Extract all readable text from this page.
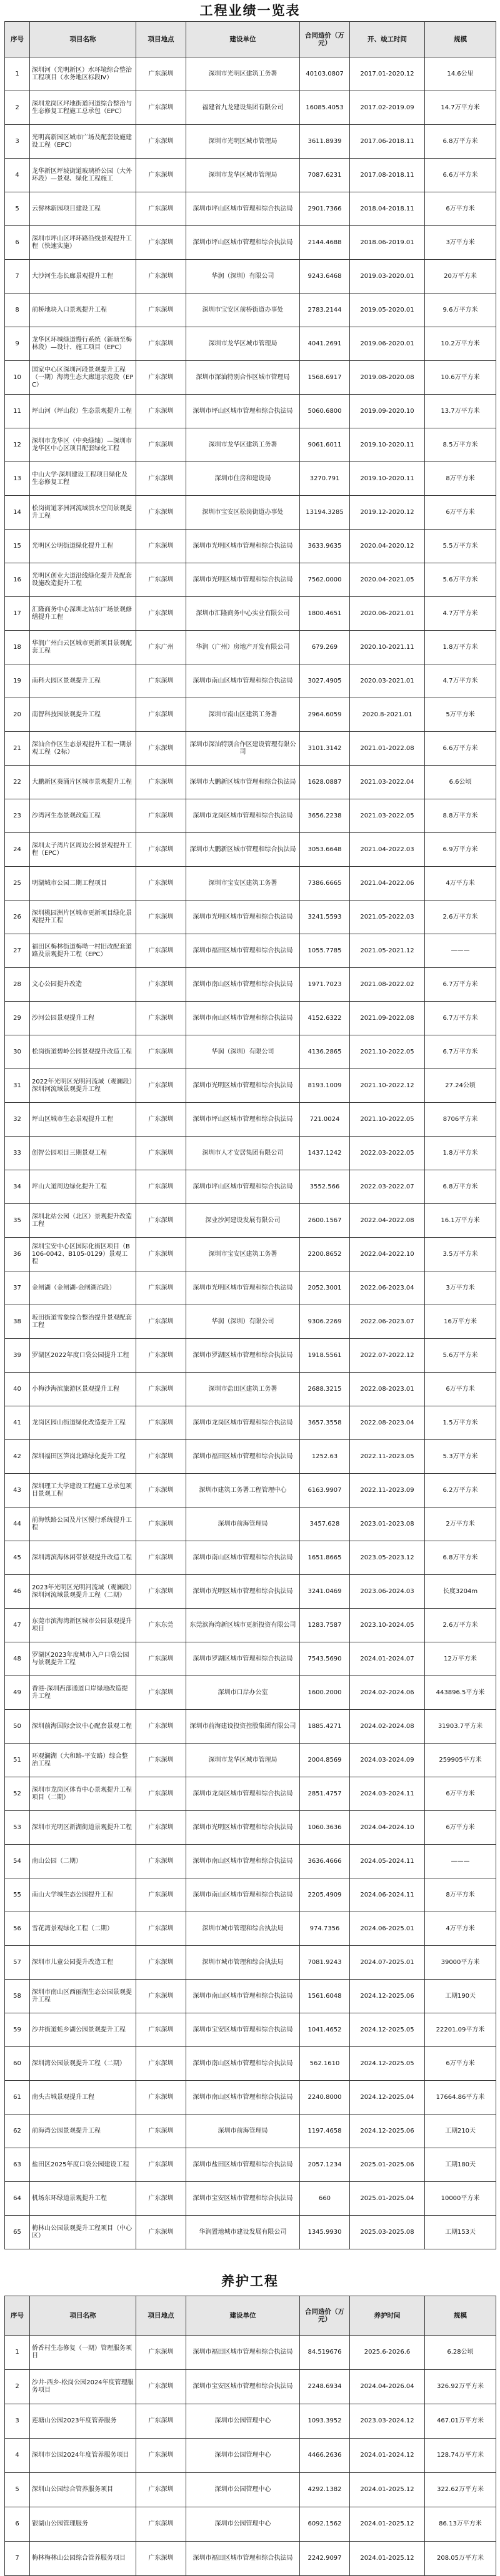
工程业绩一览表
序号	项目名称	项目地点	建设单位	合同造价（万元）	开、竣工时间	规模
1	深圳河（光明新区）水环境综合整治工程项目（水务地区标段Ⅳ）	广东深圳	深圳市光明区建筑工务署	40103.0807	2017.01-2020.12	14.6公里
2	深圳龙岗区坪地街道河道综合整治与生态修复工程施工总承包（EPC）	广东深圳	福建省九龙建设集团有限公司	16085.4053	2017.02-2019.09	14.7万平方米
3	光明高新园区城市广场及配套设施建设工程（EPC）	广东深圳	深圳市光明区城市管理局	3611.8939	2017.06-2018.11	6.8万平方米
4	龙华新区坪坡街道玻璃桥公园（大外环段）—景观、绿化工程施工	广东深圳	深圳市龙华区城市管理局	7087.6231	2017.08-2018.11	6.6万平方米
5	云髻林新园项目建设工程	广东深圳	深圳市坪山区城市管理和综合执法局	2901.7366	2018.04-2018.11	6万平方米
6	深圳市坪山区坪环路沿线景观提升工程（快速实施）	广东深圳	深圳市坪山区城市管理和综合执法局	2144.4688	2018.06-2019.01	3万平方米
7	大沙河生态长廊景观提升工程	广东深圳	华润（深圳）有限公司	9243.6468	2019.03-2020.01	20万平方米
8	前桥地块入口景观提升工程	广东深圳	深圳市宝安区前桥街道办事处	2783.2144	2019.05-2020.01	9.6万平方米
9	龙华区环城绿道慢行系统（新塘至梅林段）—设计、施工项目（EPC）	广东深圳	深圳市龙华区城市管理局	4041.2691	2019.06-2020.01	10.2万平方米
10	国家中心区深圳河段景观提升工程（一期）海湾生态大廊道示范段（EPC）	广东深圳	深圳市深汕特别合作区城市管理局	1568.6917	2019.08-2020.08	10.6万平方米
11	坪山河（坪山段）生态景观提升工程	广东深圳	深圳市坪山区城市管理和综合执法局	5060.6800	2019.09-2020.10	13.7万平方米
12	深圳市龙华区（中央绿轴）—深圳市龙华区中心区项目配套绿化工程	广东深圳	深圳市龙华区建筑工务署	9061.6011	2019.10-2020.11	8.5万平方米
13	中山大学·深圳建设工程项目绿化及生态修复工程	广东深圳	深圳市住房和建设局	3270.791	2019.10-2020.11	8万平方米
14	松岗街道茅洲河流域滨水空间景观提升工程	广东深圳	深圳市宝安区松岗街道办事处	13194.3285	2019.12-2020.12	6万平方米
15	光明区公明街道绿化提升工程	广东深圳	深圳市光明区城市管理和综合执法局	3633.9635	2020.04-2020.12	5.5万平方米
16	光明区创业大道沿线绿化提升及配套设施改造提升工程	广东深圳	深圳市光明区城市管理和综合执法局	7562.0000	2020.04-2021.05	5.6万平方米
17	汇隆商务中心深圳北站东广场景观修缮提升工程	广东深圳	深圳市汇隆商务中心实业有限公司	1800.4651	2020.06-2021.01	4.7万平方米
18	华润广州白云区城市更新项目景观配套工程	广东广州	华润（广州）房地产开发有限公司	679.269	2020.10-2021.11	1.8万平方米
19	南科大园区景观提升工程	广东深圳	深圳市南山区城市管理和综合执法局	3027.4905	2020.03-2021.01	4.7万平方米
20	南智科技园景观提升工程	广东深圳	深圳市南山区建筑工务署	2964.6059	2020.8-2021.01	5万平方米
21	深汕合作区生态景观提升工程一期景观工程（2标）	广东深圳	深圳市深汕特别合作区建设管理有限公司	3101.3142	2021.01-2022.08	6.6万平方米
22	大鹏新区葵涌片区城市景观提升工程	广东深圳	深圳市大鹏新区城市管理和综合执法局	1628.0887	2021.03-2022.04	6.6公顷
23	沙湾河生态景观改造工程	广东深圳	深圳市龙岗区城市管理和综合执法局	3656.2238	2021.03-2022.05	8.8万平方米
24	深圳太子湾片区周边公园景观提升工程（EPC）	广东深圳	深圳市大鹏新区城市管理和综合执法局	3053.6648	2021.04-2022.03	6.9万平方米
25	明湖城市公园二期工程项目	广东深圳	深圳市宝安区建筑工务署	7386.6665	2021.04-2022.06	4万平方米
26	深圳桃园洲片区城市更新项目绿化景观提升工程	广东深圳	深圳市光明区城市管理和综合执法局	3241.5593	2021.05-2022.03	2.6万平方米
27	福田区梅林街道梅坳一村旧改配套道路及景观提升工程（EPC）	广东深圳	深圳市福田区城市管理和综合执法局	1055.7785	2021.05-2021.12	———
28	文心公园提升改造	广东深圳	深圳市南山区城市管理和综合执法局	1971.7023	2021.08-2022.02	6.7万平方米
29	沙河公园景观提升工程	广东深圳	深圳市南山区城市管理和综合执法局	4152.6322	2021.09-2022.08	6.7万平方米
30	松岗街道碧岭公园景观提升改造工程	广东深圳	华润（深圳）有限公司	4136.2865	2021.10-2022.05	6.7万平方米
31	2022年光明区光明河流域（观澜段）深圳河流域景观提升工程	广东深圳	深圳市光明区城市管理和综合执法局	8193.1009	2021.10-2022.12	27.24公顷
32	坪山区城市生态景观提升工程	广东深圳	深圳市坪山区城市管理和综合执法局	721.0024	2021.10-2022.05	8706平方米
33	创智公园项目三期景观工程	广东深圳	深圳市人才安居集团有限公司	1437.1242	2022.03-2022.05	1.8万平方米
34	坪山大道周边绿化提升工程	广东深圳	深圳市坪山区城市管理和综合执法局	3552.566	2022.03-2022.07	6.8万平方米
35	深圳北站公园（北区）景观提升改造工程	广东深圳	深业沙河建设发展有限公司	2600.1567	2022.04-2022.08	16.1万平方米
36	深圳宝安中心区国际化街区项目（B106-0042、B105-0129）景观工程	广东深圳	深圳市宝安区建筑工务署	2200.8652	2022.04-2022.10	3.5万平方米
37	金闸湖（金闸湖-金闸湖泊段）	广东深圳	深圳市光明区城市管理和综合执法局	2052.3001	2022.06-2023.04	3万平方米
38	坂田街道雪象综合整治提升景观配套工程	广东深圳	华润（深圳）有限公司	9306.2269	2022.06-2023.07	16万平方米
39	罗湖区2022年度口袋公园提升工程	广东深圳	深圳市罗湖区城市管理和综合执法局	1918.5561	2022.07-2022.12	5.6万平方米
40	小梅沙海滨旅游区景观提升工程	广东深圳	深圳市盐田区建筑工务署	2688.3215	2022.08-2023.01	6万平方米
41	龙岗区园山街道绿化改造提升工程	广东深圳	深圳市龙岗区城市管理和综合执法局	3657.3558	2022.08-2023.04	1.5万平方米
42	深圳福田区笋岗北路绿化提升工程	广东深圳	深圳市福田区城市管理和综合执法局	1252.63	2022.11-2023.05	5.3万平方米
43	深圳理工大学建设工程施工总承包项目景观工程	广东深圳	深圳市建筑工务署工程管理中心	6163.9907	2022.11-2023.09	6.2万平方米
44	前海铁路公园及片区慢行系统提升工程	广东深圳	深圳市前海管理局	3457.628	2023.01-2023.08	2万平方米
45	深圳湾滨海休闲带景观提升改造工程	广东深圳	深圳市南山区城市管理和综合执法局	1651.8665	2023.05-2023.12	6.8万平方米
46	2023年光明区光明河流域（观澜段）深圳河流域景观提升工程（二期）	广东深圳	深圳市光明区城市管理和综合执法局	3241.0469	2023.06-2024.03	长度3204m
47	东莞市滨海湾新区城市公园景观提升项目	广东东莞	东莞滨海湾新区城市更新投资有限公司	1283.7587	2023.10-2024.05	2.6万平方米
48	罗湖区2023年度城市入户口袋公园与景观提升工程	广东深圳	深圳市罗湖区城市管理和综合执法局	7543.5690	2024.01-2024.07	12万平方米
49	香港-深圳西部通道口岸绿地改造提升工程	广东深圳	深圳市口岸办公室	1600.2000	2024.02-2024.06	443896.5平方米
50	深圳前海国际会议中心配套景观工程	广东深圳	深圳市前海建设投资控股集团有限公司	1885.4271	2024.02-2024.08	31903.7平方米
51	环观澜湖（大和路-平安路）综合整治工程	广东深圳	深圳市龙华区城市管理局	2004.8569	2024.03-2024.09	259905平方米
52	深圳市龙岗区体育中心景观提升工程项目（二期）	广东深圳	深圳市龙岗区城市管理和综合执法局	2851.4757	2024.03-2024.11	6万平方米
53	深圳市光明区新湖街道景观提升工程	广东深圳	深圳市光明区城市管理和综合执法局	1060.3636	2024.04-2024.10	6万平方米
54	南山公园（二期）	广东深圳	深圳市南山区城市管理和综合执法局	3636.4666	2024.05-2024.11	———
55	南山大学城生态公园提升工程	广东深圳	深圳市南山区城市管理和综合执法局	2205.4909	2024.06-2024.11	8万平方米
56	雪花湾景观绿化工程（二期）	广东深圳	深圳市城市管理和综合执法局	974.7356	2024.06-2025.01	4万平方米
57	深圳市儿童公园提升改造工程	广东深圳	深圳市城市管理和综合执法局	7081.9243	2024.07-2025.01	39000平方米
58	深圳市南山区西丽湖生态公园景观提升工程	广东深圳	深圳市南山区城市管理和综合执法局	1561.6048	2024.12-2025.06	工期190天
59	沙井街道蚝乡湖公园景观提升工程	广东深圳	深圳市宝安区城市管理和综合执法局	1041.4652	2024.12-2025.05	22201.09平方米
60	深圳湾公园景观提升工程（二期）	广东深圳	深圳市南山区城市管理和综合执法局	562.1610	2024.12-2025.05	6万平方米
61	南头古城景观提升工程	广东深圳	深圳市南山区城市管理和综合执法局	2240.8000	2024.12-2025.04	17664.86平方米
62	前海湾公园景观提升工程	广东深圳	深圳市前海管理局	1197.4658	2024.12-2025.06	工期210天
63	盐田区2025年度口袋公园建设工程	广东深圳	深圳市盐田区城市管理和综合执法局	2057.1234	2025.01-2025.06	工期180天
64	机场东环绿道景观提升工程	广东深圳	深圳市宝安区城市管理和综合执法局	660	2025.01-2025.04	10000平方米
65	梅林山公园景观提升工程项目（中心区）	广东深圳	华润置地城市建设发展有限公司	1345.9930	2025.03-2025.08	工期153天
养护工程
序号	项目名称	项目地点	建设单位	合同造价（万元）	养护时间	规模
1	侨香村生态修复（一期）管理服务项目	广东深圳	深圳市福田区城市管理和综合执法局	84.519676	2025.6-2026.6	6.28公顷
2	沙井-西乡-松岗公园2024年度管理服务项目	广东深圳	深圳市宝安区城市管理和综合执法局	2248.6934	2024.04-2026.04	326.92万平方米
3	莲塘山公园2023年度管养服务	广东深圳	深圳市公园管理中心	1093.3952	2023.03-2024.12	467.01万平方米
4	深圳市公园2024年度管养服务项目	广东深圳	深圳市公园管理中心	4466.2636	2024.01-2024.12	128.74万平方米
5	深圳山公园综合管养服务项目	广东深圳	深圳市公园管理中心	4292.1382	2024.01-2025.12	322.62万平方米
6	银湖山公园管理服务	广东深圳	深圳市公园管理中心	6092.1562	2024.01-2025.12	86.13万平方米
7	梅林梅林山公园综合管养服务项目	广东深圳	深圳市福田区城市管理和综合执法局	2242.9097	2024.01-2025.12	208.05万平方米
